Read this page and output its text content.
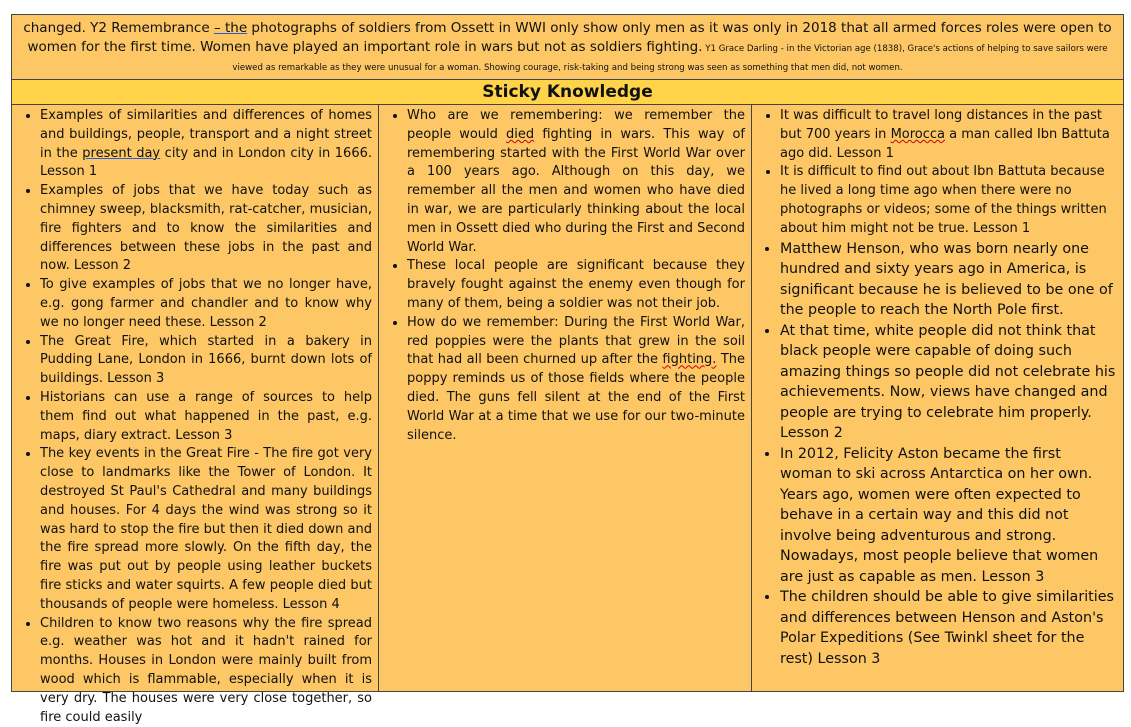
changed. Y2 Remembrance – the photographs of soldiers from Ossett in WWI only show only men as it was only in 2018 that all armed forces roles were open to women for the first time. Women have played an important role in wars but not as soldiers fighting. Y1 Grace Darling - in the Victorian age (1838), Grace's actions of helping to save sailors were viewed as remarkable as they were unusual for a woman. Showing courage, risk-taking and being strong was seen as something that men did, not women.
Sticky Knowledge
• Examples of similarities and differences of homes and buildings, people, transport and a night street in the present day city and in London city in 1666. Lesson 1
• Examples of jobs that we have today such as chimney sweep, blacksmith, rat-catcher, musician, fire fighters and to know the similarities and differences between these jobs in the past and now. Lesson 2
• To give examples of jobs that we no longer have, e.g. gong farmer and chandler and to know why we no longer need these. Lesson 2
• The Great Fire, which started in a bakery in Pudding Lane, London in 1666, burnt down lots of buildings. Lesson 3
• Historians can use a range of sources to help them find out what happened in the past, e.g. maps, diary extract. Lesson 3
• The key events in the Great Fire - The fire got very close to landmarks like the Tower of London. It destroyed St Paul's Cathedral and many buildings and houses. For 4 days the wind was strong so it was hard to stop the fire but then it died down and the fire spread more slowly. On the fifth day, the fire was put out by people using leather buckets fire sticks and water squirts. A few people died but thousands of people were homeless. Lesson 4
• Children to know two reasons why the fire spread e.g. weather was hot and it hadn't rained for months. Houses in London were mainly built from wood which is flammable, especially when it is very dry. The houses were very close together, so fire could easily
• Who are we remembering: we remember the people would died fighting in wars. This way of remembering started with the First World War over a 100 years ago. Although on this day, we remember all the men and women who have died in war, we are particularly thinking about the local men in Ossett died who during the First and Second World War.
• These local people are significant because they bravely fought against the enemy even though for many of them, being a soldier was not their job.
• How do we remember: During the First World War, red poppies were the plants that grew in the soil that had all been churned up after the fighting. The poppy reminds us of those fields where the people died. The guns fell silent at the end of the First World War at a time that we use for our two-minute silence.
• It was difficult to travel long distances in the past but 700 years in Morocca a man called Ibn Battuta ago did. Lesson 1
• It is difficult to find out about Ibn Battuta because he lived a long time ago when there were no photographs or videos; some of the things written about him might not be true. Lesson 1
• Matthew Henson, who was born nearly one hundred and sixty years ago in America, is significant because he is believed to be one of the people to reach the North Pole first.
• At that time, white people did not think that black people were capable of doing such amazing things so people did not celebrate his achievements. Now, views have changed and people are trying to celebrate him properly. Lesson 2
• In 2012, Felicity Aston became the first woman to ski across Antarctica on her own. Years ago, women were often expected to behave in a certain way and this did not involve being adventurous and strong. Nowadays, most people believe that women are just as capable as men. Lesson 3
• The children should be able to give similarities and differences between Henson and Aston's Polar Expeditions (See Twinkl sheet for the rest) Lesson 3
